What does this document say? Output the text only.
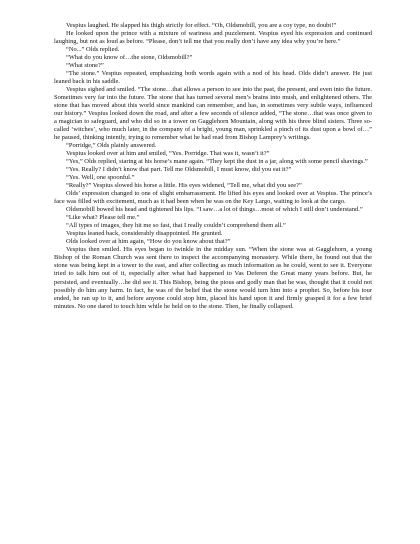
Vespius laughed. He slapped his thigh strictly for effect. “Oh, Oldsmobill, you are a coy type, no doubt!”

He looked upon the prince with a mixture of wariness and puzzlement. Vespius eyed his expression and continued laughing, but not as loud as before. “Please, don’t tell me that you really don’t have any idea why you’re here.”

“No...” Olds replied.

“What do you know of…the stone, Oldsmobill?”

“What stone?”

“The stone.” Vespius repeated, emphasizing both words again with a nod of his head. Olds didn’t answer. He just leaned back in his saddle.

Vespius sighed and smiled. “The stone…that allows a person to see into the past, the present, and even into the future. Sometimes very far into the future. The stone that has turned several men’s brains into mush, and enlightened others. The stone that has moved about this world since mankind can remember, and has, in sometimes very subtle ways, influenced our history.” Vespius looked down the road, and after a few seconds of silence added, “The stone…that was once given to a magician to safeguard, and who did so in a tower on Gagglehorn Mountain, along with his three blind sisters. Three so-called ‘witches’, who much later, in the company of a bright, young man, sprinkled a pinch of its dust upon a bowl of…” he paused, thinking intently, trying to remember what he had read from Bishop Lamprey’s writings.

“Porridge,” Olds plainly answered.

Vespius looked over at him and smiled, “Yes. Porridge. That was it, wasn’t it?”

“Yes,” Olds replied, staring at his horse’s mane again. “They kept the dust in a jar, along with some pencil shavings.”

“Yes. Really? I didn’t know that part. Tell me Oldsmobill, I must know, did you eat it?”

“Yes. Well, one spoonful.”

“Really?” Vespius slowed his horse a little. His eyes widened, “Tell me, what did you see?”

Olds’ expression changed to one of slight embarrassment. He lifted his eyes and looked over at Vespius. The prince’s face was filled with excitement, much as it had been when he was on the Key Largo, waiting to look at the cargo.

Oldsmobill bowed his head and tightened his lips. “I saw…a lot of things…most of which I still don’t understand.”

“Like what? Please tell me.”

“All types of images, they hit me so fast, that I really couldn’t comprehend them all.”

Vespius leaned back, considerably disappointed. He grunted.

Olds looked over at him again, “How do you know about that?”

Vespius then smiled. His eyes began to twinkle in the midday sun. “When the stone was at Gagglehorn, a young Bishop of the Roman Church was sent there to inspect the accompanying monastery. While there, he found out that the stone was being kept in a tower to the east, and after collecting as much information as he could, went to see it. Everyone tried to talk him out of it, especially after what had happened to Vas Deferen the Great many years before. But, he persisted, and eventually…he did see it. This Bishop, being the pious and godly man that he was, thought that it could not possibly do him any harm. In fact, he was of the belief that the stone would turn him into a prophet. So, before his tour ended, he ran up to it, and before anyone could stop him, placed his hand upon it and firmly grasped it for a few brief minutes. No one dared to touch him while he held on to the stone. Then, he finally collapsed.
